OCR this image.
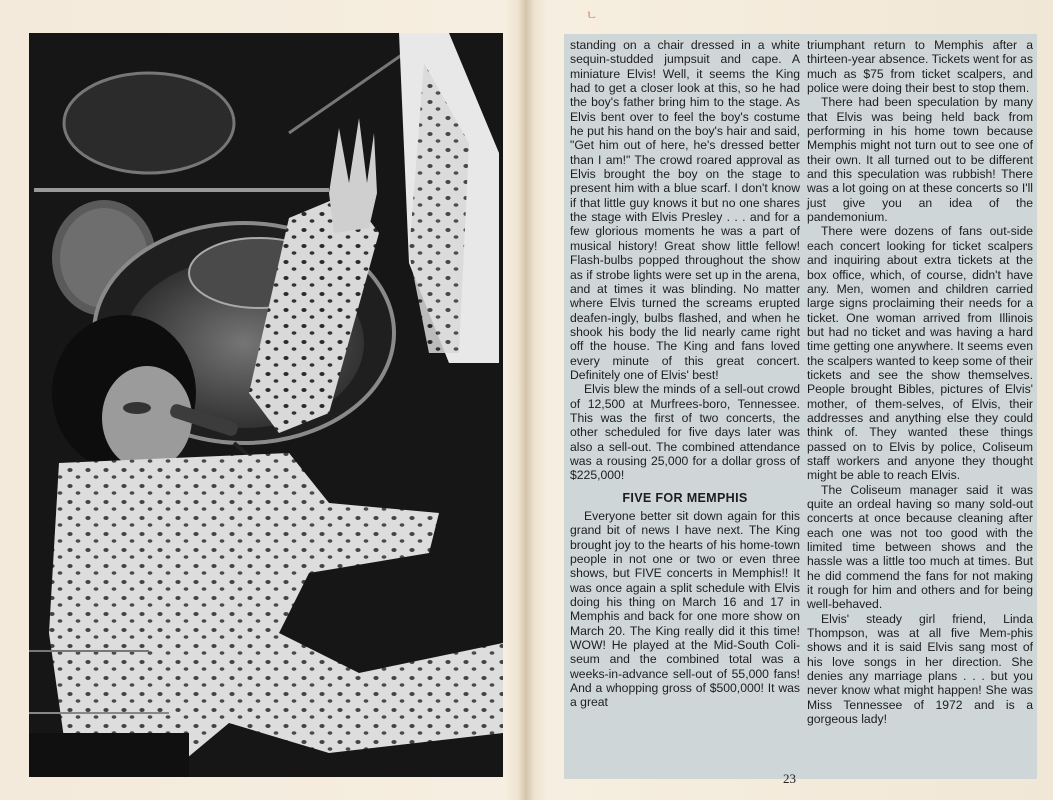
ㄴ

standing on a chair dressed in a white sequin-studded jumpsuit and cape. A miniature Elvis! Well, it seems the King had to get a closer look at this, so he had the boy's father bring him to the stage. As Elvis bent over to feel the boy's costume he put his hand on the boy's hair and said, "Get him out of here, he's dressed better than I am!" The crowd roared approval as Elvis brought the boy on the stage to present him with a blue scarf. I don't know if that little guy knows it but no one shares the stage with Elvis Presley . . . and for a few glorious moments he was a part of musical history! Great show little fellow! Flash-bulbs popped throughout the show as if strobe lights were set up in the arena, and at times it was blinding. No matter where Elvis turned the screams erupted deafen-ingly, bulbs flashed, and when he shook his body the lid nearly came right off the house. The King and fans loved every minute of this great concert. Definitely one of Elvis' best!

Elvis blew the minds of a sell-out crowd of 12,500 at Murfrees-boro, Tennessee. This was the first of two concerts, the other scheduled for five days later was also a sell-out. The combined attendance was a rousing 25,000 for a dollar gross of $225,000!

FIVE FOR MEMPHIS

Everyone better sit down again for this grand bit of news I have next. The King brought joy to the hearts of his home-town people in not one or two or even three shows, but FIVE concerts in Memphis!! It was once again a split schedule with Elvis doing his thing on March 16 and 17 in Memphis and back for one more show on March 20. The King really did it this time! WOW! He played at the Mid-South Coli-seum and the combined total was a weeks-in-advance sell-out of 55,000 fans! And a whopping gross of $500,000! It was a great

triumphant return to Memphis after a thirteen-year absence. Tickets went for as much as $75 from ticket scalpers, and police were doing their best to stop them.

There had been speculation by many that Elvis was being held back from performing in his home town because Memphis might not turn out to see one of their own. It all turned out to be different and this speculation was rubbish! There was a lot going on at these concerts so I'll just give you an idea of the pandemonium.

There were dozens of fans out-side each concert looking for ticket scalpers and inquiring about extra tickets at the box office, which, of course, didn't have any. Men, women and children carried large signs proclaiming their needs for a ticket. One woman arrived from Illinois but had no ticket and was having a hard time getting one anywhere. It seems even the scalpers wanted to keep some of their tickets and see the show themselves. People brought Bibles, pictures of Elvis' mother, of them-selves, of Elvis, their addresses and anything else they could think of. They wanted these things passed on to Elvis by police, Coliseum staff workers and anyone they thought might be able to reach Elvis.

The Coliseum manager said it was quite an ordeal having so many sold-out concerts at once because cleaning after each one was not too good with the limited time between shows and the hassle was a little too much at times. But he did commend the fans for not making it rough for him and others and for being well-behaved.

Elvis' steady girl friend, Linda Thompson, was at all five Mem-phis shows and it is said Elvis sang most of his love songs in her direction. She denies any marriage plans . . . but you never know what might happen! She was Miss Tennessee of 1972 and is a gorgeous lady!

23
